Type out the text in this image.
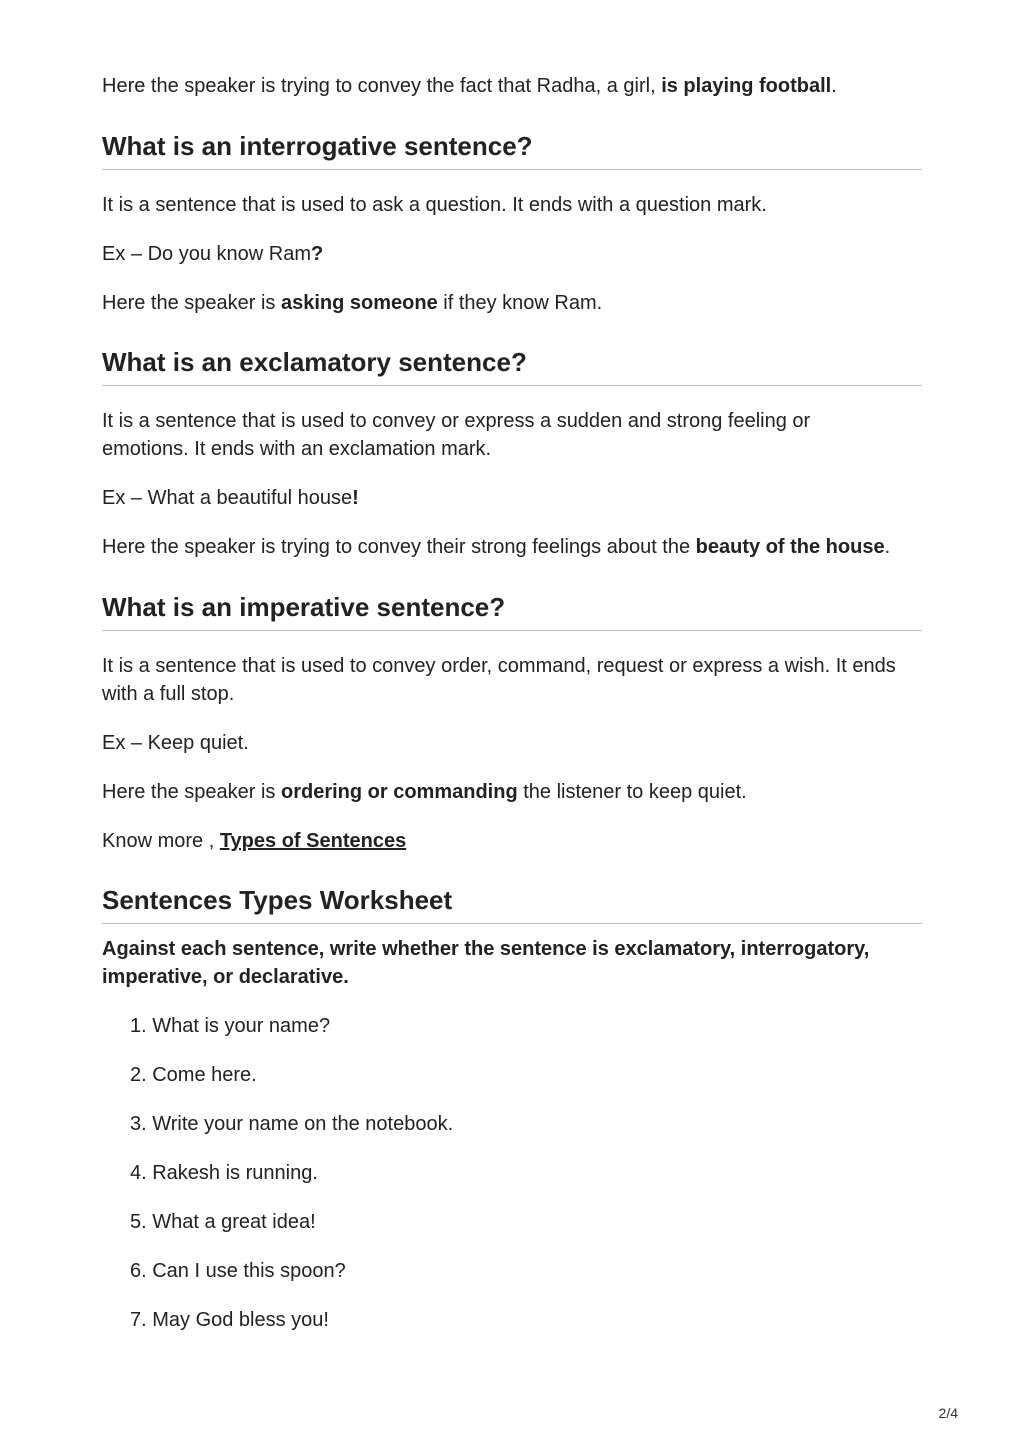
Here the speaker is trying to convey the fact that Radha, a girl, is playing football.

What is an interrogative sentence?

It is a sentence that is used to ask a question. It ends with a question mark.

Ex – Do you know Ram?

Here the speaker is asking someone if they know Ram.

What is an exclamatory sentence?

It is a sentence that is used to convey or express a sudden and strong feeling or

emotions. It ends with an exclamation mark.

Ex – What a beautiful house!

Here the speaker is trying to convey their strong feelings about the beauty of the house.

What is an imperative sentence?

It is a sentence that is used to convey order, command, request or express a wish. It ends

with a full stop.

Ex – Keep quiet.

Here the speaker is ordering or commanding the listener to keep quiet.

Know more , Types of Sentences

Sentences Types Worksheet

Against each sentence, write whether the sentence is exclamatory, interrogatory,

imperative, or declarative.

1. What is your name?
2. Come here.
3. Write your name on the notebook.
4. Rakesh is running.
5. What a great idea!
6. Can I use this spoon?
7. May God bless you!
2/4
